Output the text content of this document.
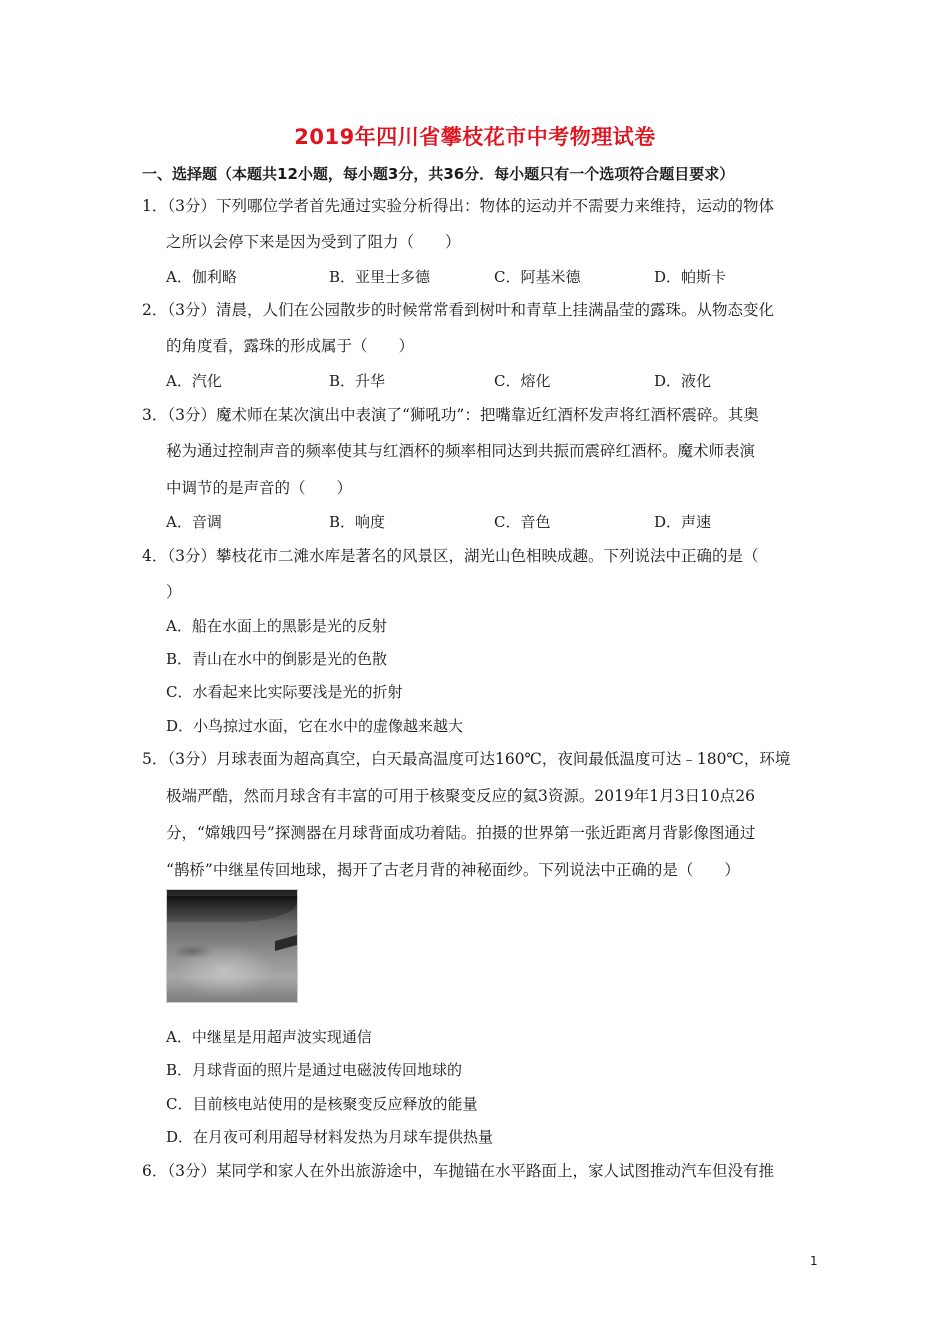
2019年四川省攀枝花市中考物理试卷
一、选择题（本题共12小题，每小题3分，共36分．每小题只有一个选项符合题目要求）
1．（3分）下列哪位学者首先通过实验分析得出：物体的运动并不需要力来维持，运动的物体
之所以会停下来是因为受到了阻力（　　）
A．伽利略	B．亚里士多德	C．阿基米德	D．帕斯卡
2．（3分）清晨，人们在公园散步的时候常常看到树叶和青草上挂满晶莹的露珠。从物态变化
的角度看，露珠的形成属于（　　）
A．汽化	B．升华	C．熔化	D．液化
3．（3分）魔术师在某次演出中表演了“狮吼功”：把嘴靠近红酒杯发声将红酒杯震碎。其奥
秘为通过控制声音的频率使其与红酒杯的频率相同达到共振而震碎红酒杯。魔术师表演
中调节的是声音的（　　）
A．音调	B．响度	C．音色	D．声速
4．（3分）攀枝花市二滩水库是著名的风景区，湖光山色相映成趣。下列说法中正确的是（
）
A．船在水面上的黑影是光的反射
B．青山在水中的倒影是光的色散
C．水看起来比实际要浅是光的折射
D．小鸟掠过水面，它在水中的虚像越来越大
5．（3分）月球表面为超高真空，白天最高温度可达160℃，夜间最低温度可达﹣180℃，环境
极端严酷，然而月球含有丰富的可用于核聚变反应的氦3资源。2019年1月3日10点26
分，“嫦娥四号”探测器在月球背面成功着陆。拍摄的世界第一张近距离月背影像图通过
“鹊桥”中继星传回地球，揭开了古老月背的神秘面纱。下列说法中正确的是（　　）
A．中继星是用超声波实现通信
B．月球背面的照片是通过电磁波传回地球的
C．目前核电站使用的是核聚变反应释放的能量
D．在月夜可利用超导材料发热为月球车提供热量
6．（3分）某同学和家人在外出旅游途中，车抛锚在水平路面上，家人试图推动汽车但没有推
1
